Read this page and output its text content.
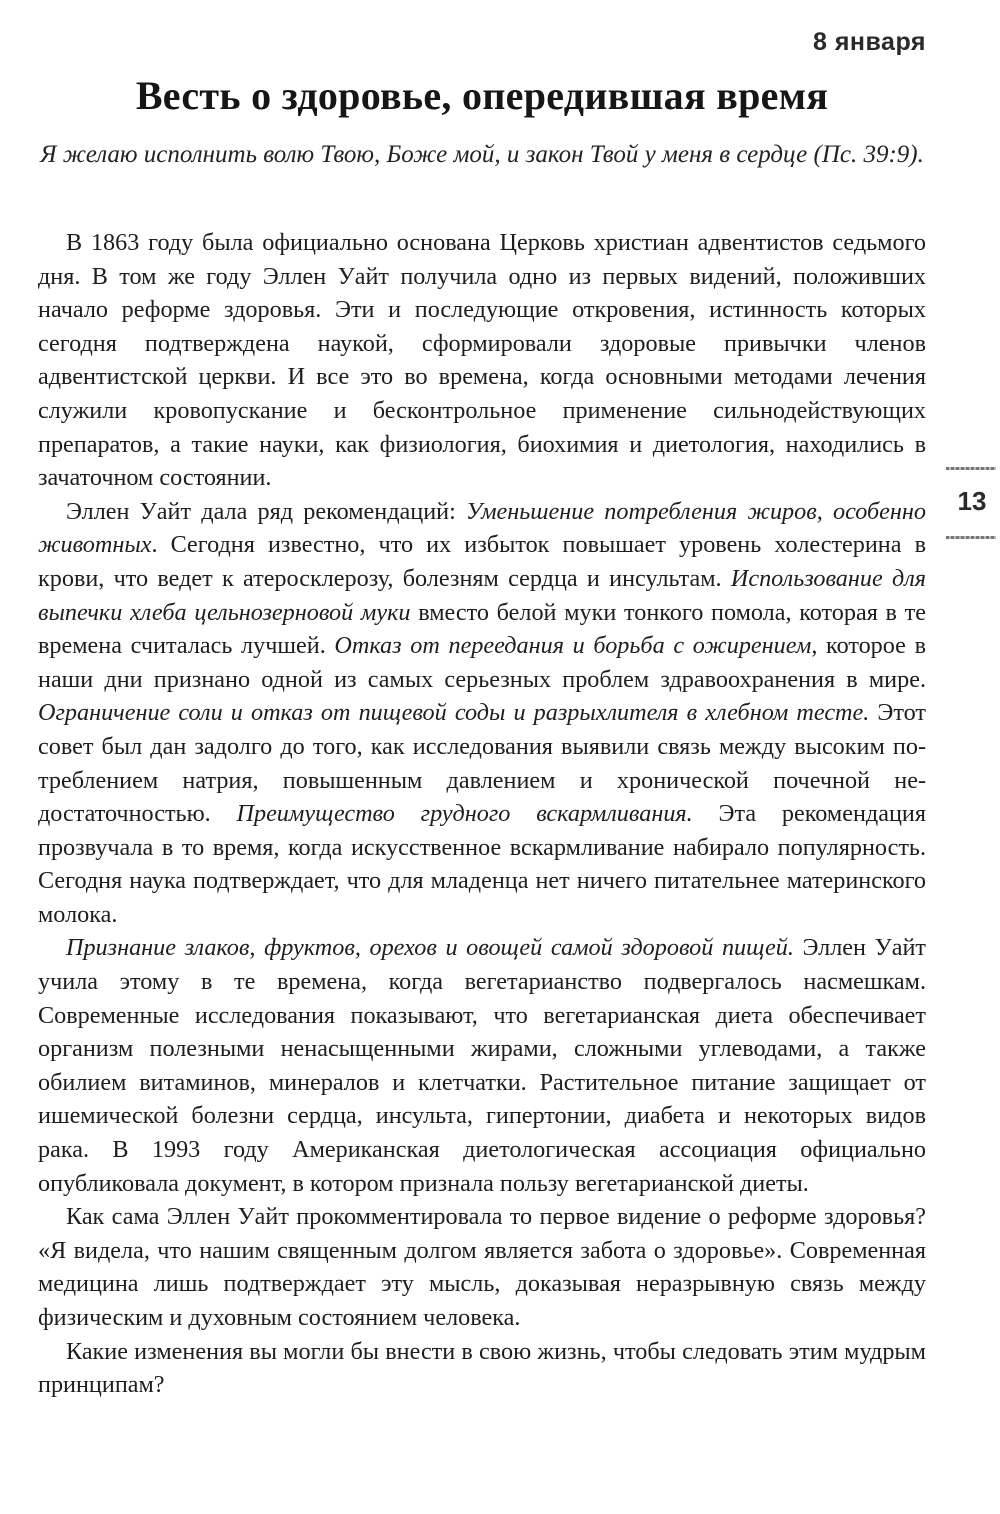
8 января
Весть о здоровье, опередившая время

Я желаю исполнить волю Твою, Боже мой, и закон Твой у меня в сердце (Пс. 39:9).

13

В 1863 году была официально основана Церковь христиан адвентистов седьмого дня. В том же году Эллен Уайт получила одно из первых видений, положивших начало реформе здоровья. Эти и последующие откровения, истинность которых сегодня подтверждена наукой, сформировали здоровые привычки членов адвентистской церкви. И все это во времена, когда основными методами лечения служили кровопускание и бесконтрольное применение сильнодействующих препаратов, а такие науки, как физиология, биохимия и диетология, находились в зачаточном состоянии.

Эллен Уайт дала ряд рекомендаций: Уменьшение потребления жиров, особенно животных. Сегодня известно, что их избыток повышает уровень холестерина в крови, что ведет к атеросклерозу, болезням сердца и инсультам. Использование для выпечки хлеба цельнозерновой муки вместо белой муки тонкого помола, которая в те времена считалась лучшей. Отказ от переедания и борьба с ожирением, которое в наши дни признано одной из самых серьезных проблем здравоохранения в мире. Ограничение соли и отказ от пищевой соды и разрыхлителя в хлебном тесте. Этот совет был дан задолго до того, как исследования выявили связь между высоким потреблением натрия, повышенным давлением и хронической почечной недостаточностью. Преимущество грудного вскармливания. Эта рекомендация прозвучала в то время, когда искусственное вскармливание набирало популярность. Сегодня наука подтверждает, что для младенца нет ничего питательнее материнского молока.

Признание злаков, фруктов, орехов и овощей самой здоровой пищей. Эллен Уайт учила этому в те времена, когда вегетарианство подвергалось насмешкам. Современные исследования показывают, что вегетарианская диета обеспечивает организм полезными ненасыщенными жирами, сложными углеводами, а также обилием витаминов, минералов и клетчатки. Растительное питание защищает от ишемической болезни сердца, инсульта, гипертонии, диабета и некоторых видов рака. В 1993 году Американская диетологическая ассоциация официально опубликовала документ, в котором признала пользу вегетарианской диеты.

Как сама Эллен Уайт прокомментировала то первое видение о реформе здоровья? «Я видела, что нашим священным долгом является забота о здоровье». Современная медицина лишь подтверждает эту мысль, доказывая неразрывную связь между физическим и духовным состоянием человека.

Какие изменения вы могли бы внести в свою жизнь, чтобы следовать этим мудрым принципам?
